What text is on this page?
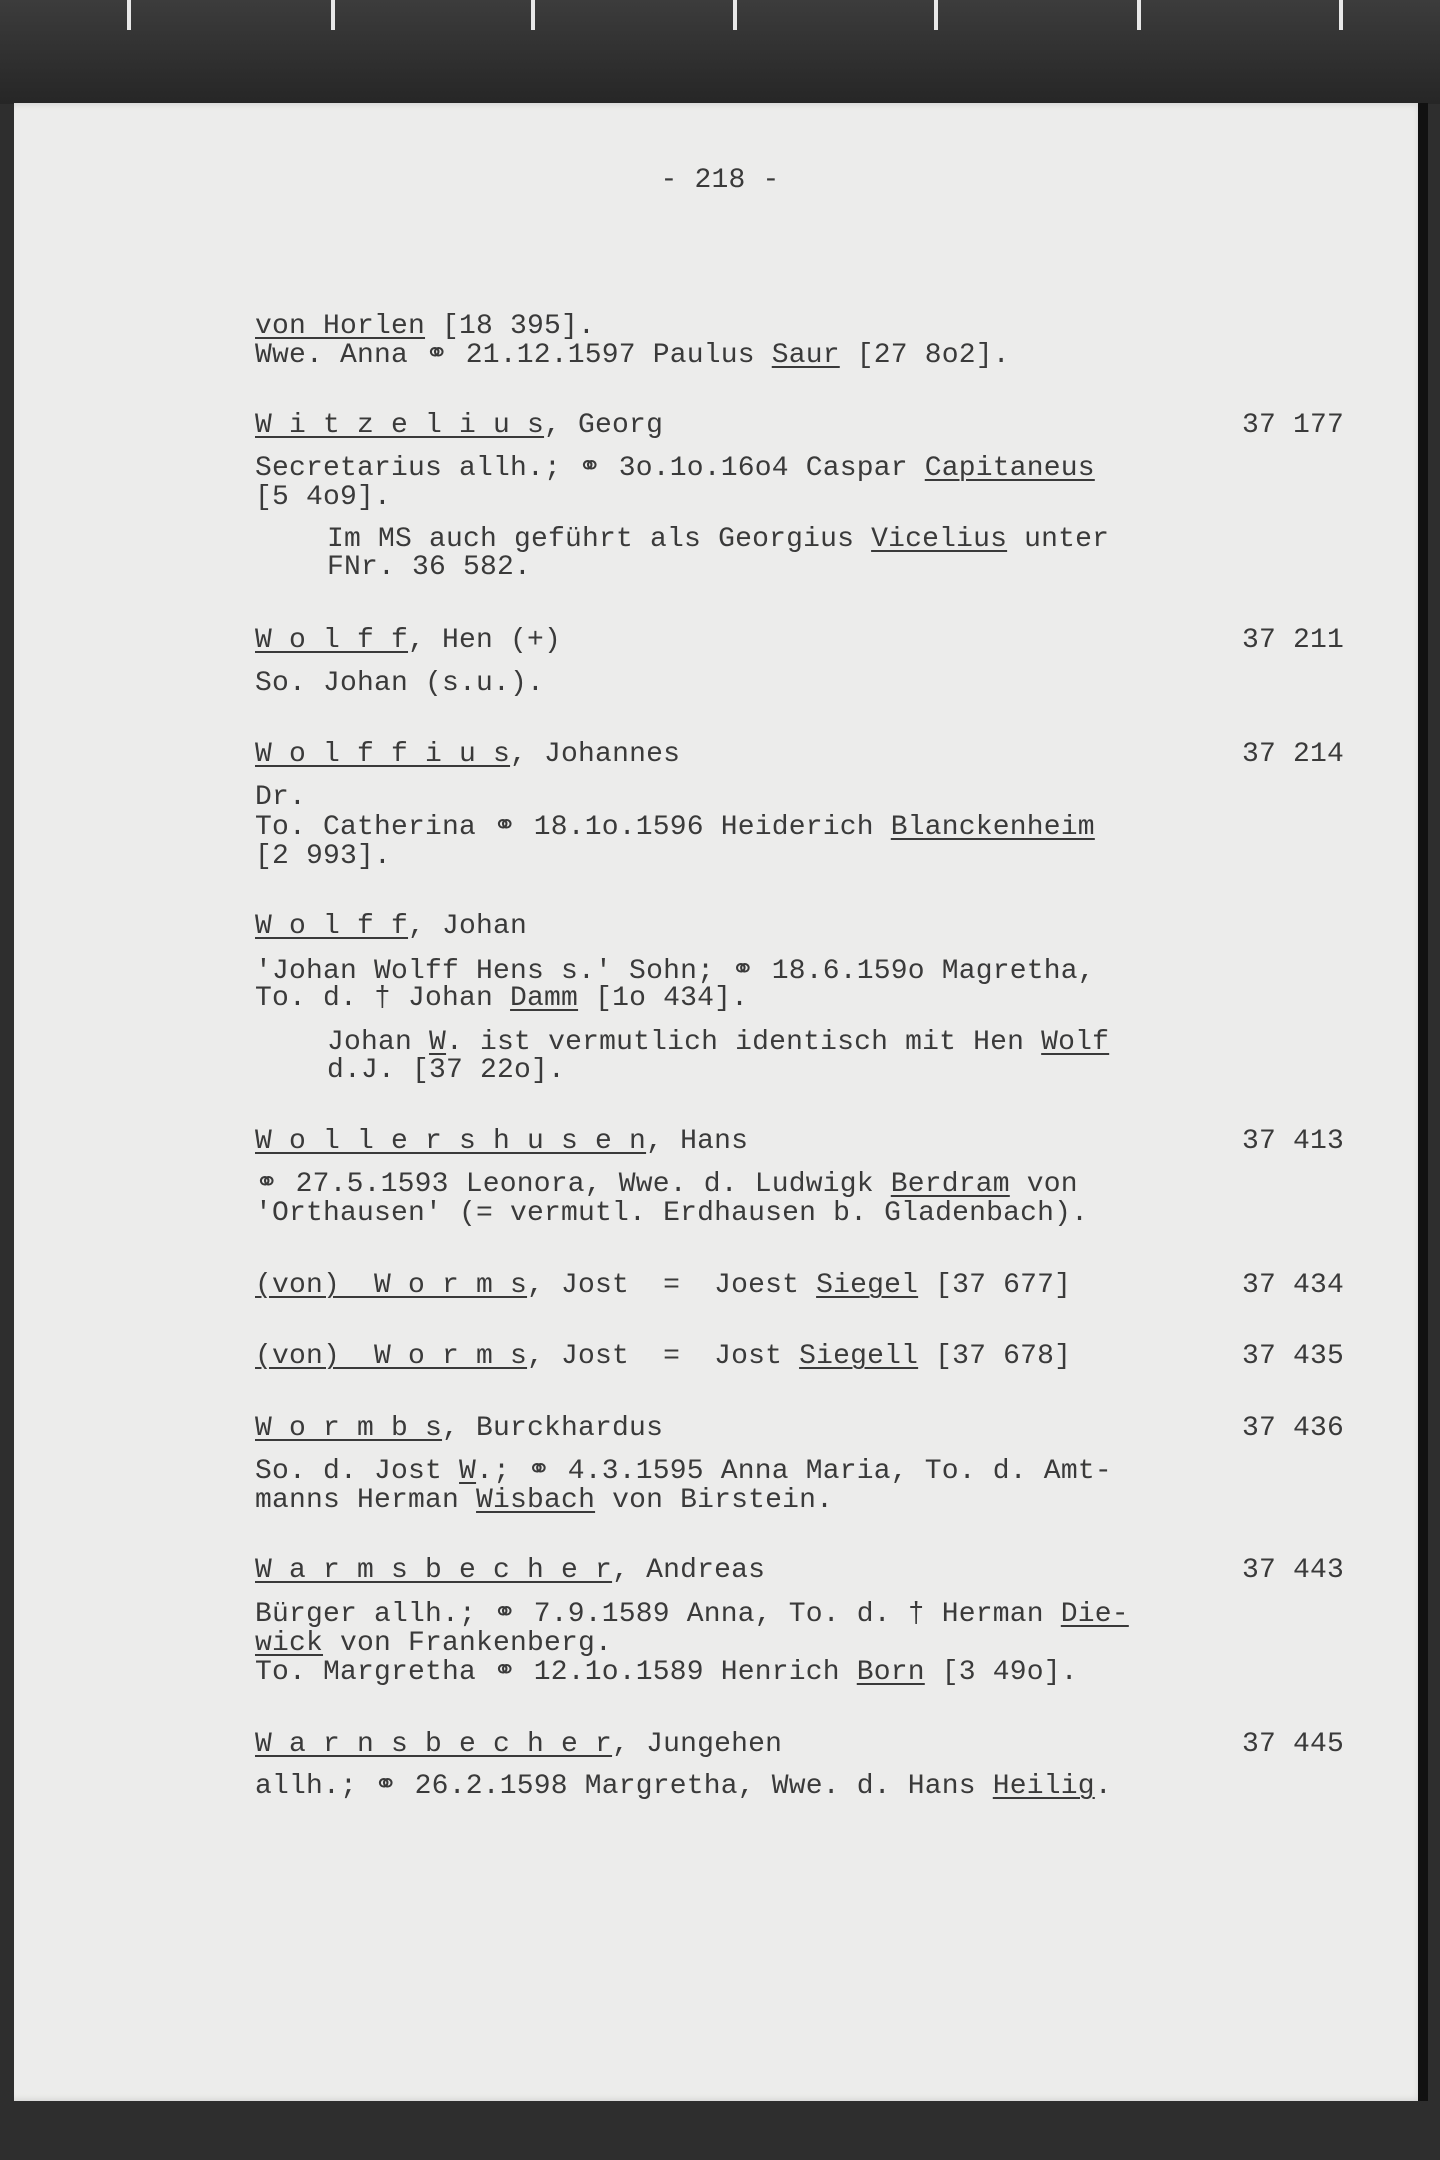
- 218 -
von Horlen [18 395].
Wwe. Anna ⚭ 21.12.1597 Paulus Saur [27 8o2].
W i t z e l i u s, Georg
Secretarius allh.; ⚭ 3o.1o.16o4 Caspar Capitaneus
[5 4o9].
Im MS auch geführt als Georgius Vicelius unter
FNr. 36 582.
W o l f f, Hen (+)
So. Johan (s.u.).
W o l f f i u s, Johannes
Dr.
To. Catherina ⚭ 18.1o.1596 Heiderich Blanckenheim
[2 993].
W o l f f, Johan
'Johan Wolff Hens s.' Sohn; ⚭ 18.6.159o Magretha,
To. d. † Johan Damm [1o 434].
Johan W. ist vermutlich identisch mit Hen Wolf
d.J. [37 22o].
W o l l e r s h u s e n, Hans
⚭ 27.5.1593 Leonora, Wwe. d. Ludwigk Berdram von
'Orthausen' (= vermutl. Erdhausen b. Gladenbach).
(von)  W o r m s, Jost  =  Joest Siegel [37 677]
(von)  W o r m s, Jost  =  Jost Siegell [37 678]
W o r m b s, Burckhardus
So. d. Jost W.; ⚭ 4.3.1595 Anna Maria, To. d. Amt-
manns Herman Wisbach von Birstein.
W a r m s b e c h e r, Andreas
Bürger allh.; ⚭ 7.9.1589 Anna, To. d. † Herman Die-
wick von Frankenberg.
To. Margretha ⚭ 12.1o.1589 Henrich Born [3 49o].
W a r n s b e c h e r, Jungehen
allh.; ⚭ 26.2.1598 Margretha, Wwe. d. Hans Heilig.
37 177
37 211
37 214
37 413
37 434
37 435
37 436
37 443
37 445
